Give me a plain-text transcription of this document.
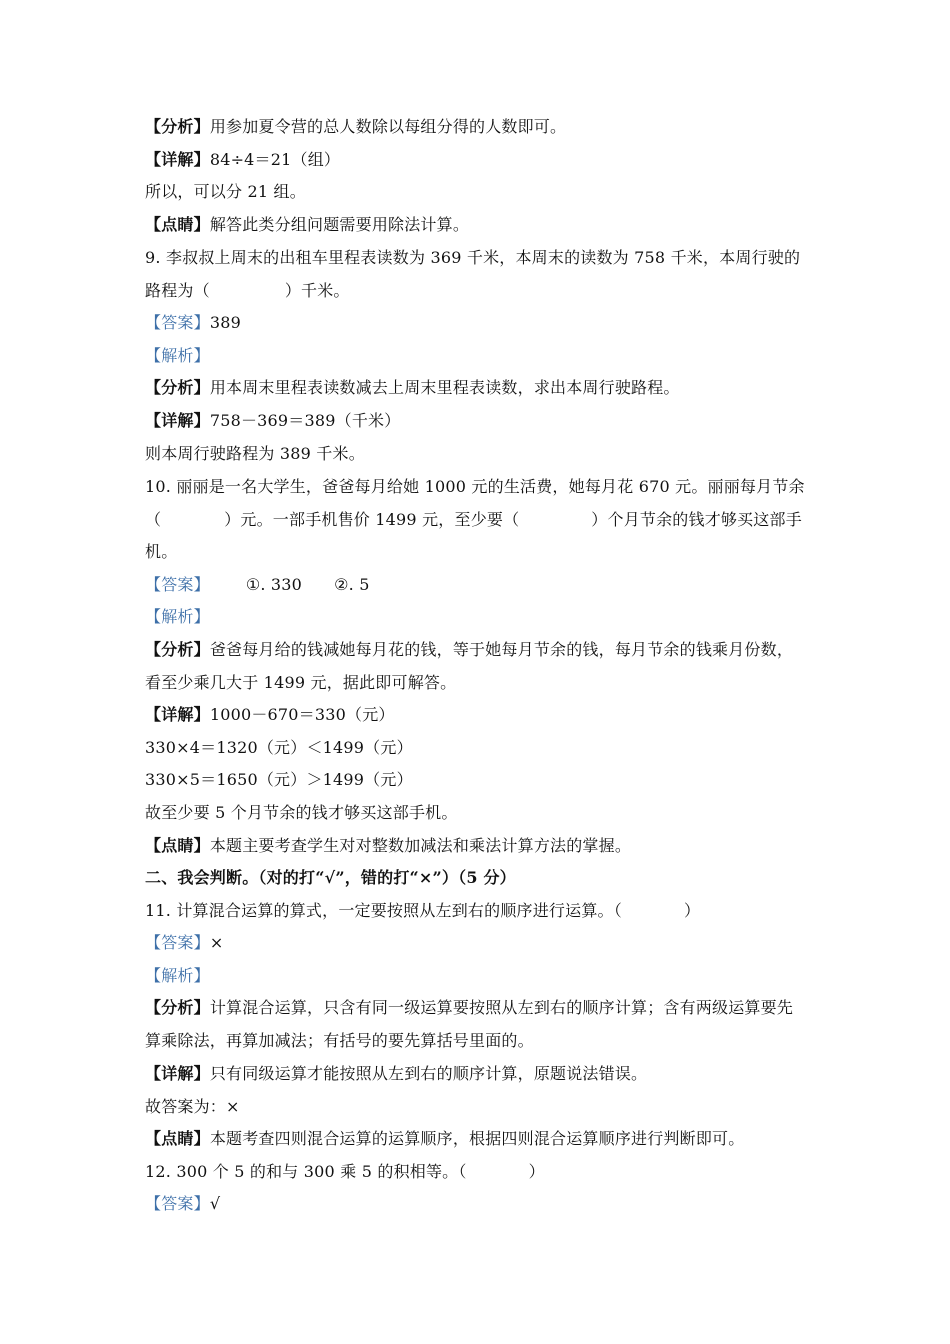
【分析】用参加夏令营的总人数除以每组分得的人数即可。
【详解】84÷4＝21（组）
所以，可以分 21 组。
【点睛】解答此类分组问题需要用除法计算。
9. 李叔叔上周末的出租车里程表读数为 369 千米，本周末的读数为 758 千米，本周行驶的
路程为（	）千米。
【答案】389
【解析】
【分析】用本周末里程表读数减去上周末里程表读数，求出本周行驶路程。
【详解】758－369＝389（千米）
则本周行驶路程为 389 千米。
10. 丽丽是一名大学生，爸爸每月给她 1000 元的生活费，她每月花 670 元。丽丽每月节余
（	）元。一部手机售价 1499 元，至少要（	）个月节余的钱才够买这部手
机。
【答案】 ①. 330 ②. 5
【解析】
【分析】爸爸每月给的钱减她每月花的钱，等于她每月节余的钱，每月节余的钱乘月份数，
看至少乘几大于 1499 元，据此即可解答。
【详解】1000－670＝330（元）
330×4＝1320（元）＜1499（元）
330×5＝1650（元）＞1499（元）
故至少要 5 个月节余的钱才够买这部手机。
【点睛】本题主要考查学生对对整数加减法和乘法计算方法的掌握。
二、我会判断。（对的打“√”，错的打“×”）（5 分）
11. 计算混合运算的算式，一定要按照从左到右的顺序进行运算。（	）
【答案】×
【解析】
【分析】计算混合运算，只含有同一级运算要按照从左到右的顺序计算；含有两级运算要先
算乘除法，再算加减法；有括号的要先算括号里面的。
【详解】只有同级运算才能按照从左到右的顺序计算，原题说法错误。
故答案为：×
【点睛】本题考查四则混合运算的运算顺序，根据四则混合运算顺序进行判断即可。
12. 300 个 5 的和与 300 乘 5 的积相等。（	）
【答案】√
